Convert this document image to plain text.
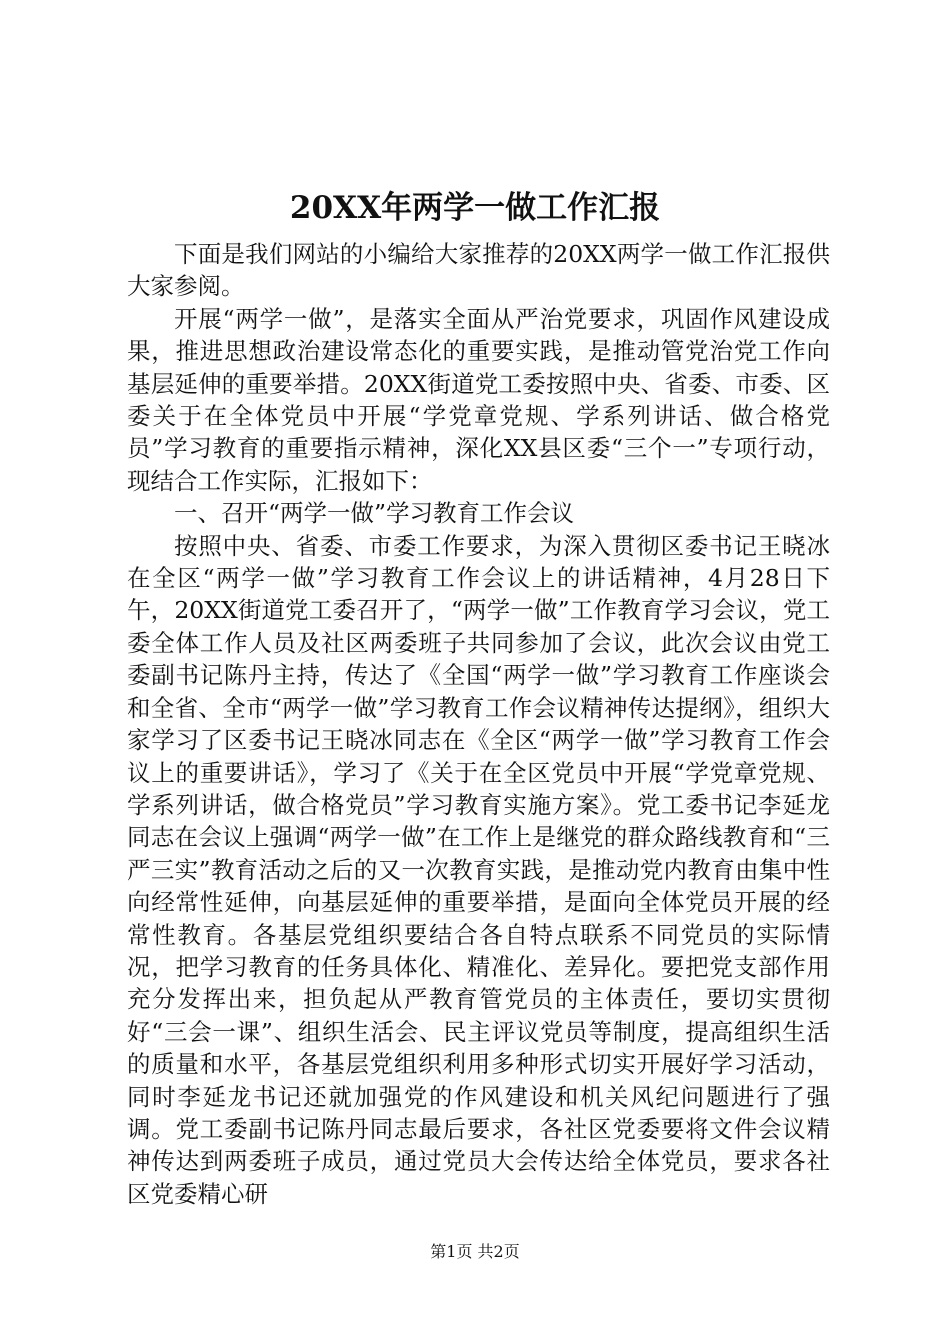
20XX年两学一做工作汇报

下面是我们网站的小编给大家推荐的20XX两学一做工作汇报供大家参阅。

开展“两学一做”，是落实全面从严治党要求，巩固作风建设成果，推进思想政治建设常态化的重要实践，是推动管党治党工作向基层延伸的重要举措。20XX街道党工委按照中央、省委、市委、区委关于在全体党员中开展“学党章党规、学系列讲话、做合格党员”学习教育的重要指示精神，深化XX县区委“三个一”专项行动，现结合工作实际，汇报如下：

一、召开“两学一做”学习教育工作会议

按照中央、省委、市委工作要求，为深入贯彻区委书记王晓冰在全区“两学一做”学习教育工作会议上的讲话精神，4月28日下午，20XX街道党工委召开了，“两学一做”工作教育学习会议，党工委全体工作人员及社区两委班子共同参加了会议，此次会议由党工委副书记陈丹主持，传达了《全国“两学一做”学习教育工作座谈会和全省、全市“两学一做”学习教育工作会议精神传达提纲》，组织大家学习了区委书记王晓冰同志在《全区“两学一做”学习教育工作会议上的重要讲话》，学习了《关于在全区党员中开展“学党章党规、学系列讲话，做合格党员”学习教育实施方案》。党工委书记李延龙同志在会议上强调“两学一做”在工作上是继党的群众路线教育和“三严三实”教育活动之后的又一次教育实践，是推动党内教育由集中性向经常性延伸，向基层延伸的重要举措，是面向全体党员开展的经常性教育。各基层党组织要结合各自特点联系不同党员的实际情况，把学习教育的任务具体化、精准化、差异化。要把党支部作用充分发挥出来，担负起从严教育管党员的主体责任，要切实贯彻好“三会一课”、组织生活会、民主评议党员等制度，提高组织生活的质量和水平，各基层党组织利用多种形式切实开展好学习活动，同时李延龙书记还就加强党的作风建设和机关风纪问题进行了强调。党工委副书记陈丹同志最后要求，各社区党委要将文件会议精神传达到两委班子成员，通过党员大会传达给全体党员，要求各社区党委精心研

第1页 共2页
